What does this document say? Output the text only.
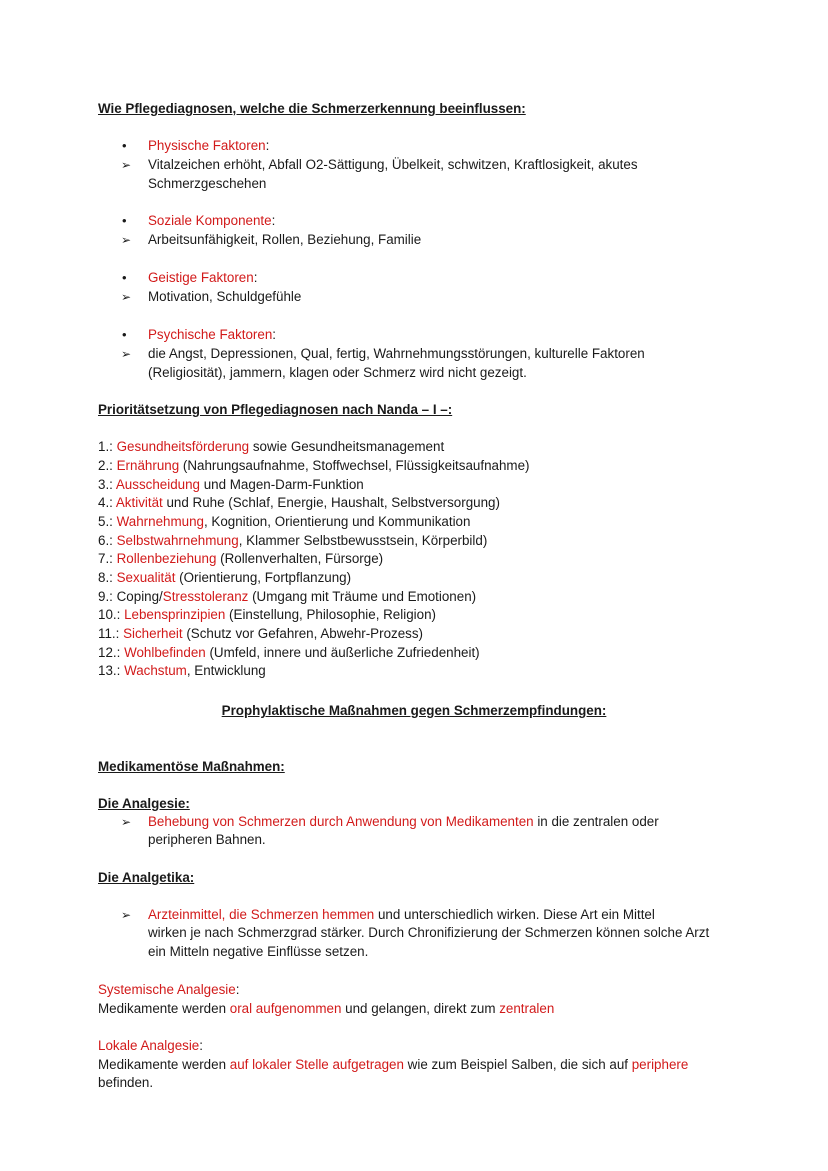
Wie Pflegediagnosen, welche die Schmerzerkennung beeinflussen:
• Physische Faktoren:
➢ Vitalzeichen erhöht, Abfall O2-Sättigung, Übelkeit, schwitzen, Kraftlosigkeit, akutes
Schmerzgeschehen
• Soziale Komponente:
➢ Arbeitsunfähigkeit, Rollen, Beziehung, Familie
• Geistige Faktoren:
➢ Motivation, Schuldgefühle
• Psychische Faktoren:
➢ die Angst, Depressionen, Qual, fertig, Wahrnehmungsstörungen, kulturelle Faktoren
(Religiosität), jammern, klagen oder Schmerz wird nicht gezeigt.
Prioritätsetzung von Pflegediagnosen nach Nanda – I –:
1.: Gesundheitsförderung sowie Gesundheitsmanagement
2.: Ernährung (Nahrungsaufnahme, Stoffwechsel, Flüssigkeitsaufnahme)
3.: Ausscheidung und Magen-Darm-Funktion
4.: Aktivität und Ruhe (Schlaf, Energie, Haushalt, Selbstversorgung)
5.: Wahrnehmung, Kognition, Orientierung und Kommunikation
6.: Selbstwahrnehmung, Klammer Selbstbewusstsein, Körperbild)
7.: Rollenbeziehung (Rollenverhalten, Fürsorge)
8.: Sexualität (Orientierung, Fortpflanzung)
9.: Coping/Stresstoleranz (Umgang mit Träume und Emotionen)
10.: Lebensprinzipien (Einstellung, Philosophie, Religion)
11.: Sicherheit (Schutz vor Gefahren, Abwehr-Prozess)
12.: Wohlbefinden (Umfeld, innere und äußerliche Zufriedenheit)
13.: Wachstum, Entwicklung
Prophylaktische Maßnahmen gegen Schmerzempfindungen:
Medikamentöse Maßnahmen:
Die Analgesie:
➢ Behebung von Schmerzen durch Anwendung von Medikamenten in die zentralen oder
peripheren Bahnen.
Die Analgetika:
➢ Arzteinmittel, die Schmerzen hemmen und unterschiedlich wirken. Diese Art ein Mittel
wirken je nach Schmerzgrad stärker. Durch Chronifizierung der Schmerzen können solche Arzt
ein Mitteln negative Einflüsse setzen.
Systemische Analgesie:
Medikamente werden oral aufgenommen und gelangen, direkt zum zentralen
Lokale Analgesie:
Medikamente werden auf lokaler Stelle aufgetragen wie zum Beispiel Salben, die sich auf periphere
befinden.
